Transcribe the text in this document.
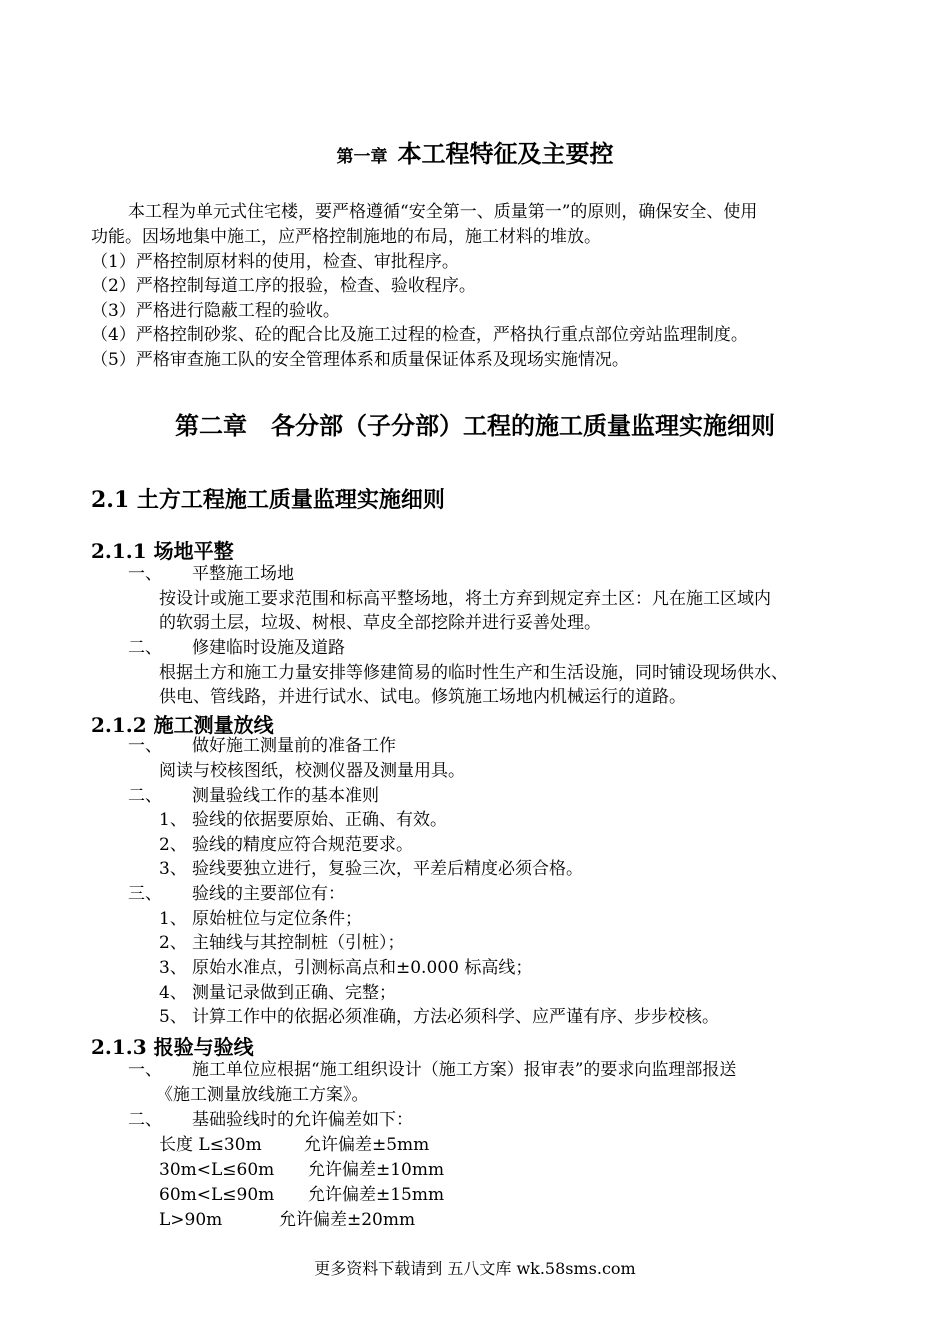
第一章 本工程特征及主要控
本工程为单元式住宅楼，要严格遵循“安全第一、质量第一”的原则，确保安全、使用
功能。因场地集中施工，应严格控制施地的布局，施工材料的堆放。
（1）严格控制原材料的使用，检查、审批程序。
（2）严格控制每道工序的报验，检查、验收程序。
（3）严格进行隐蔽工程的验收。
（4）严格控制砂浆、砼的配合比及施工过程的检查，严格执行重点部位旁站监理制度。
（5）严格审查施工队的安全管理体系和质量保证体系及现场实施情况。
第二章　各分部（子分部）工程的施工质量监理实施细则
2.1 土方工程施工质量监理实施细则
2.1.1 场地平整
一、 平整施工场地
按设计或施工要求范围和标高平整场地，将土方弃到规定弃土区：凡在施工区域内
的软弱土层，垃圾、树根、草皮全部挖除并进行妥善处理。
二、 修建临时设施及道路
根据土方和施工力量安排等修建简易的临时性生产和生活设施，同时铺设现场供水、
供电、管线路，并进行试水、试电。修筑施工场地内机械运行的道路。
2.1.2 施工测量放线
一、 做好施工测量前的准备工作
阅读与校核图纸，校测仪器及测量用具。
二、 测量验线工作的基本准则
1、 验线的依据要原始、正确、有效。
2、 验线的精度应符合规范要求。
3、 验线要独立进行，复验三次，平差后精度必须合格。
三、 验线的主要部位有：
1、 原始桩位与定位条件；
2、 主轴线与其控制桩（引桩）；
3、 原始水准点，引测标高点和±0.000 标高线；
4、 测量记录做到正确、完整；
5、 计算工作中的依据必须准确，方法必须科学、应严谨有序、步步校核。
2.1.3 报验与验线
一、 施工单位应根据“施工组织设计（施工方案）报审表”的要求向监理部报送
《施工测量放线施工方案》。
二、 基础验线时的允许偏差如下：
长度 L≤30m 允许偏差±5mm
30m<L≤60m 允许偏差±10mm
60m<L≤90m 允许偏差±15mm
L>90m	允许偏差±20mm
更多资料下载请到 五八文库 wk.58sms.com
